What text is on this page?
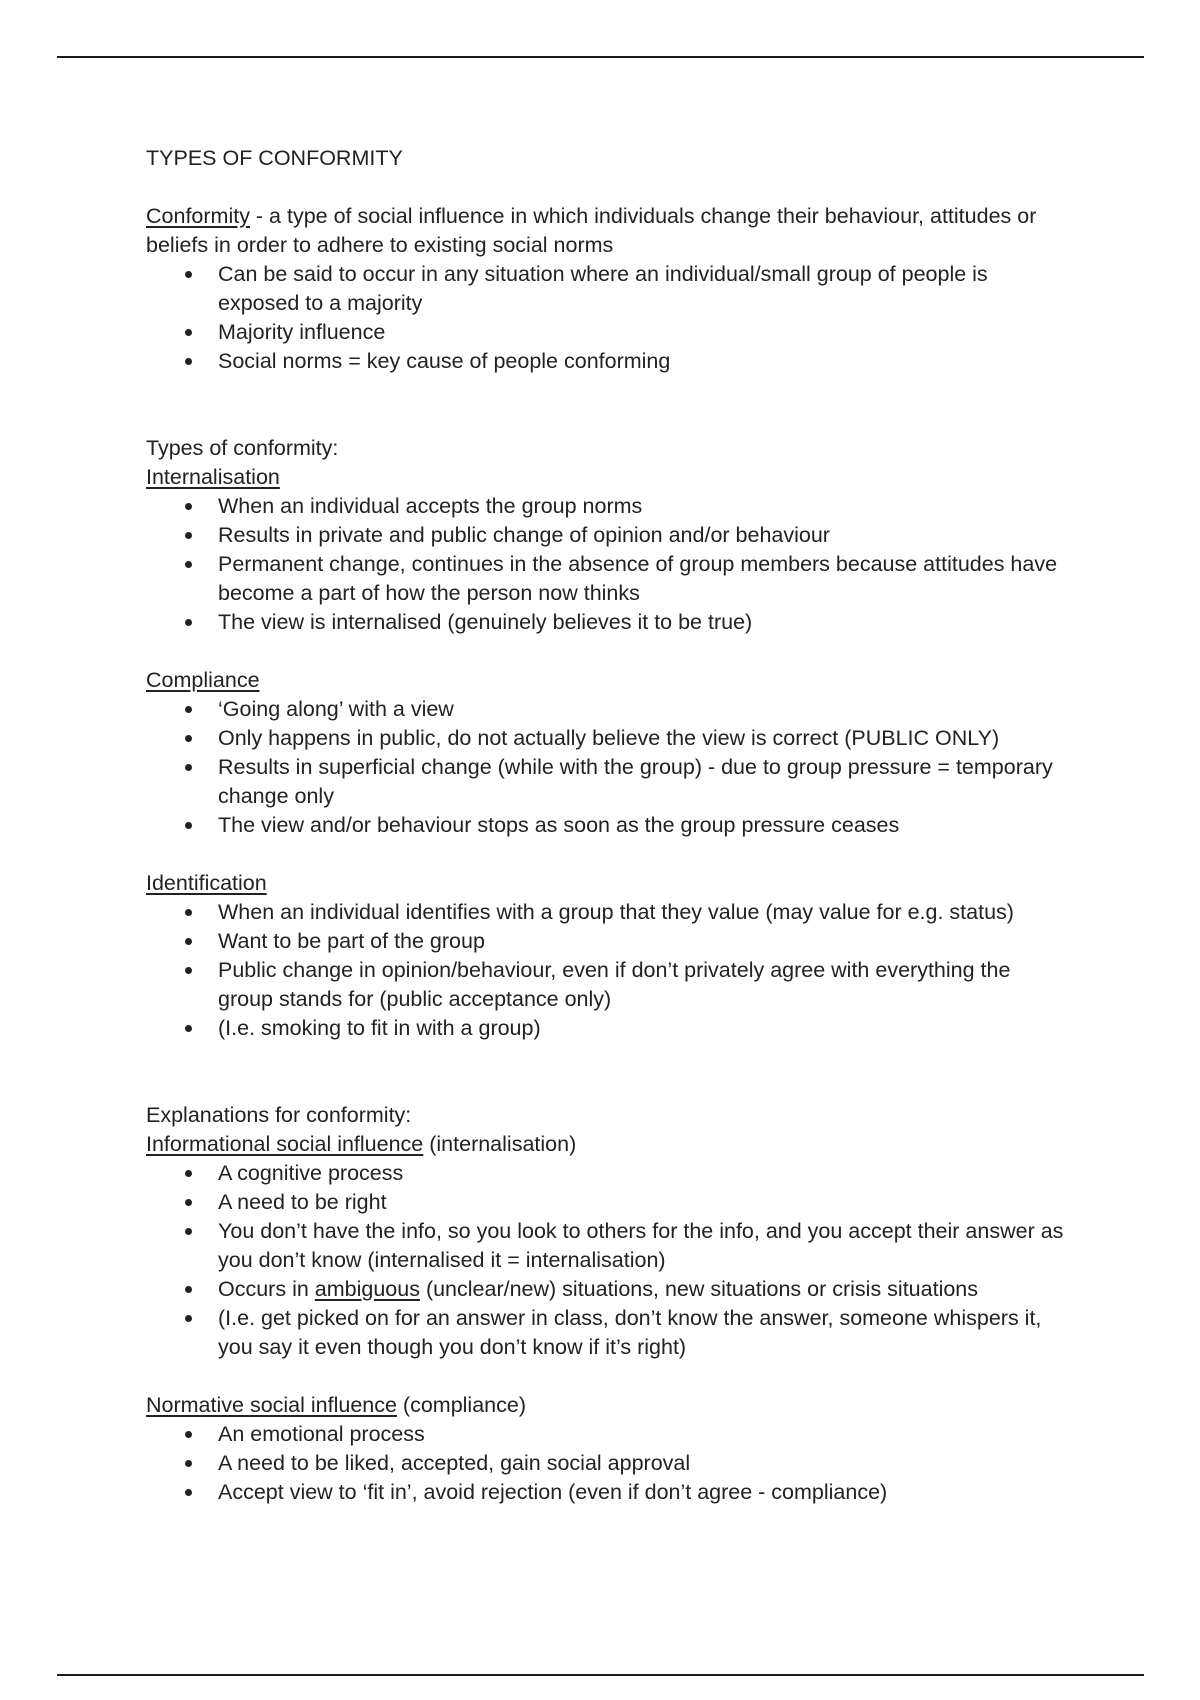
TYPES OF CONFORMITY

Conformity - a type of social influence in which individuals change their behaviour, attitudes or beliefs in order to adhere to existing social norms

Can be said to occur in any situation where an individual/small group of people is exposed to a majority
Majority influence
Social norms = key cause of people conforming

Types of conformity:

Internalisation

When an individual accepts the group norms
Results in private and public change of opinion and/or behaviour
Permanent change, continues in the absence of group members because attitudes have become a part of how the person now thinks
The view is internalised (genuinely believes it to be true)

Compliance

‘Going along’ with a view
Only happens in public, do not actually believe the view is correct (PUBLIC ONLY)
Results in superficial change (while with the group) - due to group pressure = temporary change only
The view and/or behaviour stops as soon as the group pressure ceases

Identification

When an individual identifies with a group that they value (may value for e.g. status)
Want to be part of the group
Public change in opinion/behaviour, even if don’t privately agree with everything the group stands for (public acceptance only)
(I.e. smoking to fit in with a group)

Explanations for conformity:

Informational social influence (internalisation)

A cognitive process
A need to be right
You don’t have the info, so you look to others for the info, and you accept their answer as you don’t know (internalised it = internalisation)
Occurs in ambiguous (unclear/new) situations, new situations or crisis situations
(I.e. get picked on for an answer in class, don’t know the answer, someone whispers it, you say it even though you don’t know if it’s right)

Normative social influence (compliance)

An emotional process
A need to be liked, accepted, gain social approval
Accept view to ‘fit in’, avoid rejection (even if don’t agree - compliance)
